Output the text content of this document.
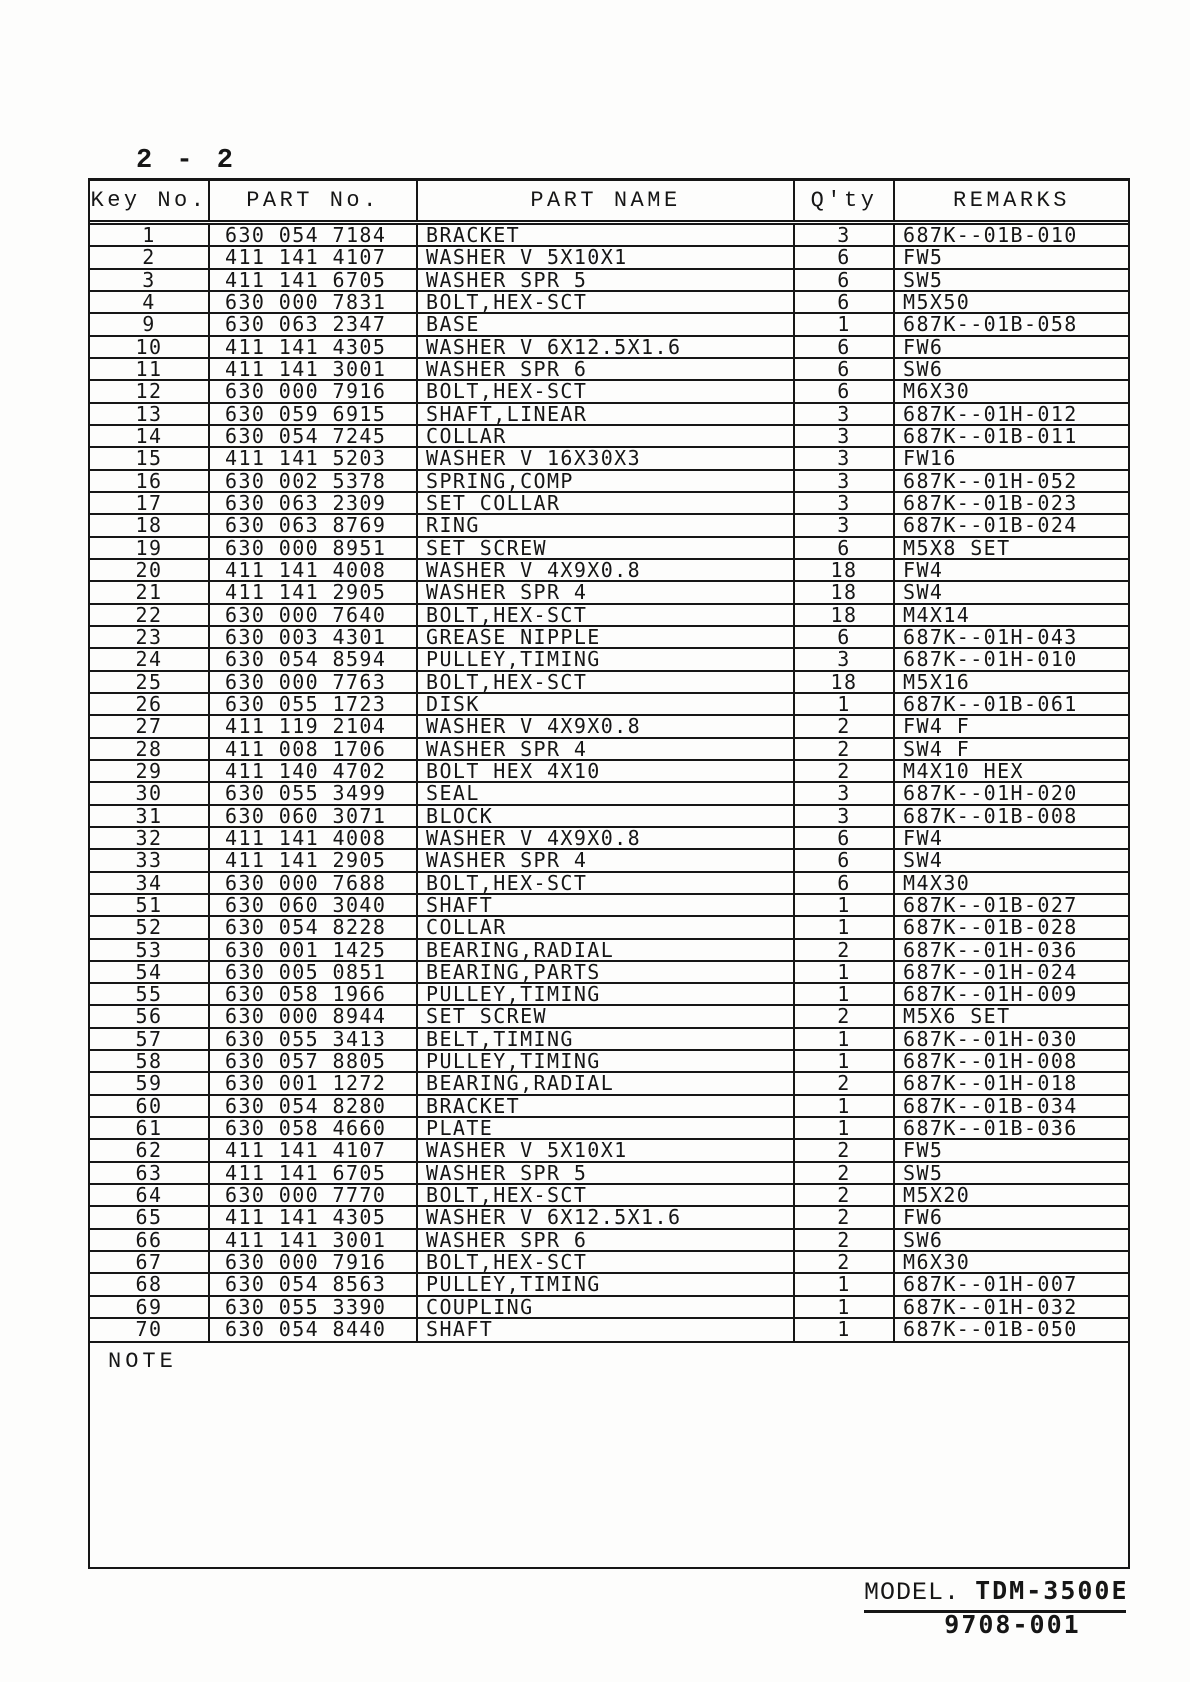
2 - 2
Key No.	PART No.	PART NAME	Q'ty	REMARKS
1	630 054 7184	BRACKET	3	687K--01B-010
2	411 141 4107	WASHER V 5X10X1	6	FW5
3	411 141 6705	WASHER SPR 5	6	SW5
4	630 000 7831	BOLT,HEX-SCT	6	M5X50
9	630 063 2347	BASE	1	687K--01B-058
10	411 141 4305	WASHER V 6X12.5X1.6	6	FW6
11	411 141 3001	WASHER SPR 6	6	SW6
12	630 000 7916	BOLT,HEX-SCT	6	M6X30
13	630 059 6915	SHAFT,LINEAR	3	687K--01H-012
14	630 054 7245	COLLAR	3	687K--01B-011
15	411 141 5203	WASHER V 16X30X3	3	FW16
16	630 002 5378	SPRING,COMP	3	687K--01H-052
17	630 063 2309	SET COLLAR	3	687K--01B-023
18	630 063 8769	RING	3	687K--01B-024
19	630 000 8951	SET SCREW	6	M5X8 SET
20	411 141 4008	WASHER V 4X9X0.8	18	FW4
21	411 141 2905	WASHER SPR 4	18	SW4
22	630 000 7640	BOLT,HEX-SCT	18	M4X14
23	630 003 4301	GREASE NIPPLE	6	687K--01H-043
24	630 054 8594	PULLEY,TIMING	3	687K--01H-010
25	630 000 7763	BOLT,HEX-SCT	18	M5X16
26	630 055 1723	DISK	1	687K--01B-061
27	411 119 2104	WASHER V 4X9X0.8	2	FW4 F
28	411 008 1706	WASHER SPR 4	2	SW4 F
29	411 140 4702	BOLT HEX 4X10	2	M4X10 HEX
30	630 055 3499	SEAL	3	687K--01H-020
31	630 060 3071	BLOCK	3	687K--01B-008
32	411 141 4008	WASHER V 4X9X0.8	6	FW4
33	411 141 2905	WASHER SPR 4	6	SW4
34	630 000 7688	BOLT,HEX-SCT	6	M4X30
51	630 060 3040	SHAFT	1	687K--01B-027
52	630 054 8228	COLLAR	1	687K--01B-028
53	630 001 1425	BEARING,RADIAL	2	687K--01H-036
54	630 005 0851	BEARING,PARTS	1	687K--01H-024
55	630 058 1966	PULLEY,TIMING	1	687K--01H-009
56	630 000 8944	SET SCREW	2	M5X6 SET
57	630 055 3413	BELT,TIMING	1	687K--01H-030
58	630 057 8805	PULLEY,TIMING	1	687K--01H-008
59	630 001 1272	BEARING,RADIAL	2	687K--01H-018
60	630 054 8280	BRACKET	1	687K--01B-034
61	630 058 4660	PLATE	1	687K--01B-036
62	411 141 4107	WASHER V 5X10X1	2	FW5
63	411 141 6705	WASHER SPR 5	2	SW5
64	630 000 7770	BOLT,HEX-SCT	2	M5X20
65	411 141 4305	WASHER V 6X12.5X1.6	2	FW6
66	411 141 3001	WASHER SPR 6	2	SW6
67	630 000 7916	BOLT,HEX-SCT	2	M6X30
68	630 054 8563	PULLEY,TIMING	1	687K--01H-007
69	630 055 3390	COUPLING	1	687K--01H-032
70	630 054 8440	SHAFT	1	687K--01B-050
NOTE
MODEL. TDM-3500E
9708-001
